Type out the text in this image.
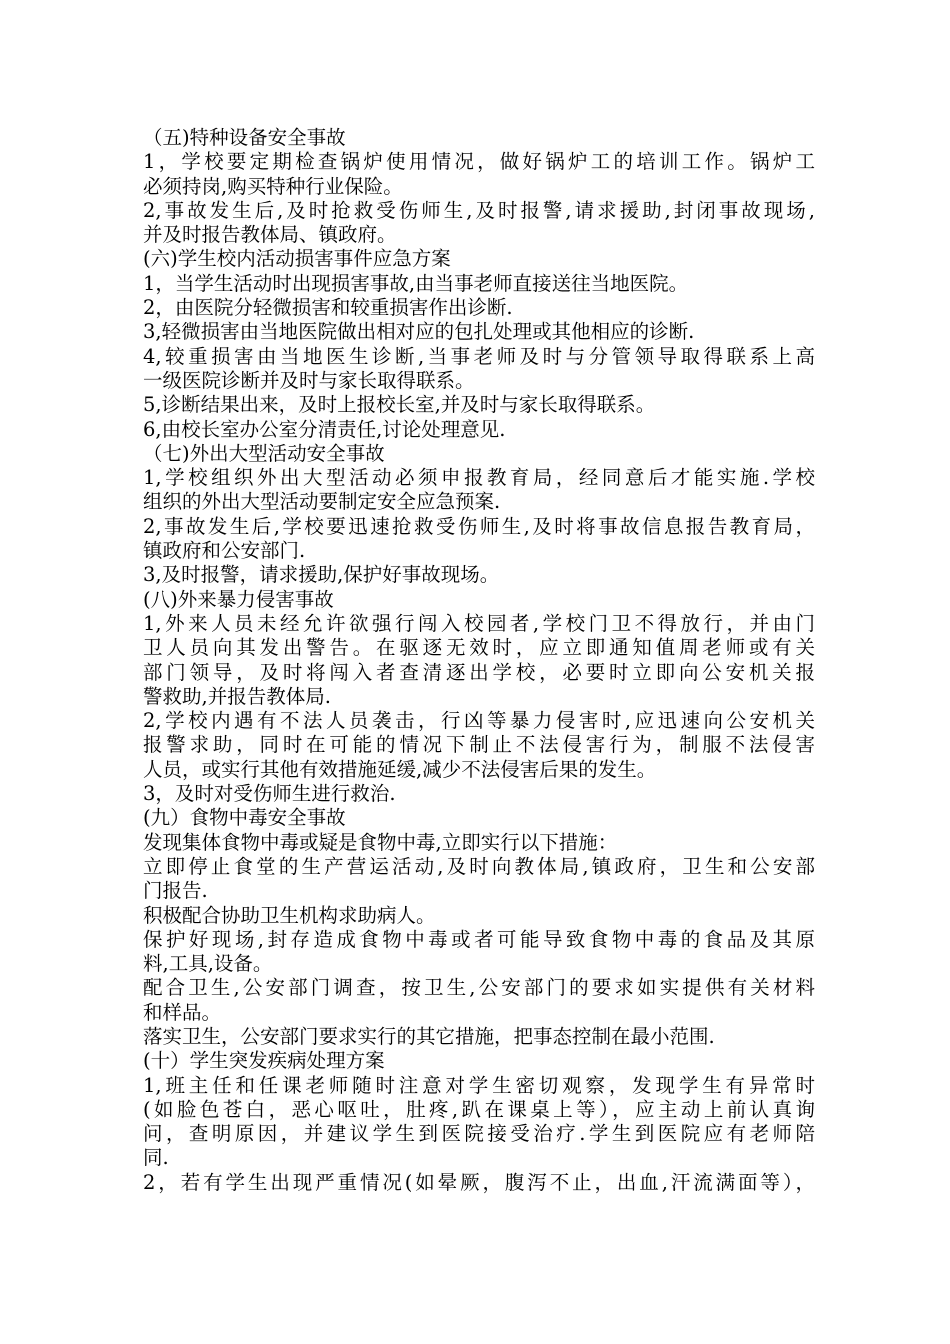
（五)特种设备安全事故
1，学校要定期检查锅炉使用情况，做好锅炉工的培训工作。锅炉工
必须持岗,购买特种行业保险。
2,事故发生后,及时抢救受伤师生,及时报警,请求援助,封闭事故现场,
并及时报告教体局、镇政府。
(六)学生校内活动损害事件应急方案
1，当学生活动时出现损害事故,由当事老师直接送往当地医院。
2，由医院分轻微损害和较重损害作出诊断.
3,轻微损害由当地医院做出相对应的包扎处理或其他相应的诊断.
4,较重损害由当地医生诊断,当事老师及时与分管领导取得联系上高
一级医院诊断并及时与家长取得联系。
5,诊断结果出来，及时上报校长室,并及时与家长取得联系。
6,由校长室办公室分清责任,讨论处理意见.
（七)外出大型活动安全事故
1,学校组织外出大型活动必须申报教育局，经同意后才能实施.学校
组织的外出大型活动要制定安全应急预案.
2,事故发生后,学校要迅速抢救受伤师生,及时将事故信息报告教育局，
镇政府和公安部门.
3,及时报警，请求援助,保护好事故现场。
(八)外来暴力侵害事故
1,外来人员未经允许欲强行闯入校园者,学校门卫不得放行，并由门
卫人员向其发出警告。在驱逐无效时，应立即通知值周老师或有关
部门领导，及时将闯入者查清逐出学校，必要时立即向公安机关报
警救助,并报告教体局.
2,学校内遇有不法人员袭击，行凶等暴力侵害时,应迅速向公安机关
报警求助，同时在可能的情况下制止不法侵害行为，制服不法侵害
人员，或实行其他有效措施延缓,减少不法侵害后果的发生。
3，及时对受伤师生进行救治.
(九）食物中毒安全事故
发现集体食物中毒或疑是食物中毒,立即实行以下措施：
立即停止食堂的生产营运活动,及时向教体局,镇政府，卫生和公安部
门报告.
积极配合协助卫生机构求助病人。
保护好现场,封存造成食物中毒或者可能导致食物中毒的食品及其原
料,工具,设备。
配合卫生,公安部门调查，按卫生,公安部门的要求如实提供有关材料
和样品。
落实卫生，公安部门要求实行的其它措施，把事态控制在最小范围.
(十）学生突发疾病处理方案
1,班主任和任课老师随时注意对学生密切观察，发现学生有异常时
(如脸色苍白，恶心呕吐，肚疼,趴在课桌上等），应主动上前认真询
问，查明原因，并建议学生到医院接受治疗.学生到医院应有老师陪
同.
2，若有学生出现严重情况(如晕厥，腹泻不止，出血,汗流满面等），
